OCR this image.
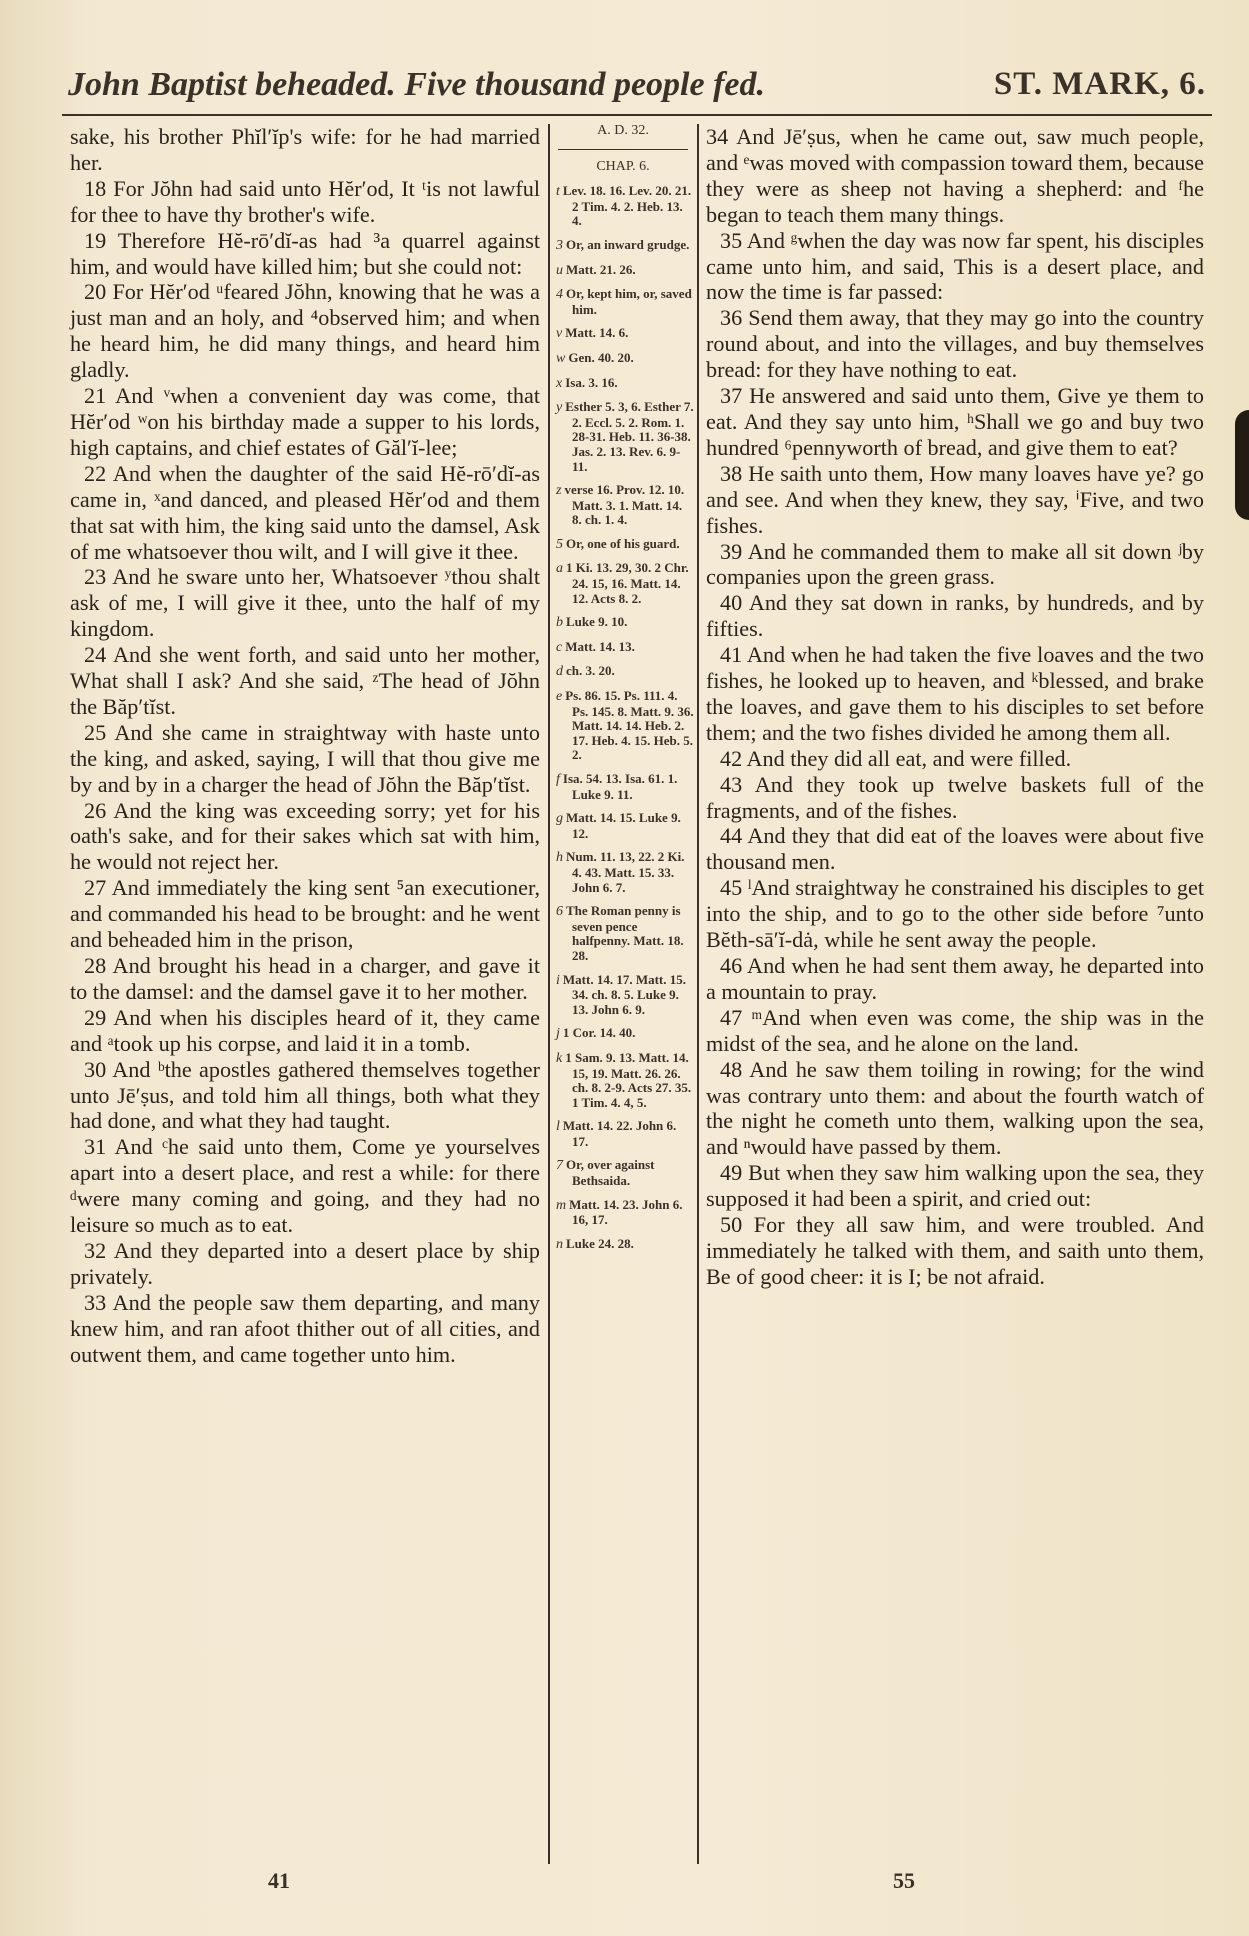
John Baptist beheaded. Five thousand people fed.	ST. MARK, 6.

sake, his brother Phĭl′ĭp's wife: for he had married her.

18 For Jŏhn had said unto Hĕr′od, It ᵗis not lawful for thee to have thy brother's wife.

19 Therefore Hĕ-rō′dĭ-as had ³a quarrel against him, and would have killed him; but she could not:

20 For Hĕr′od ᵘfeared Jŏhn, knowing that he was a just man and an holy, and ⁴observed him; and when he heard him, he did many things, and heard him gladly.

21 And ᵛwhen a convenient day was come, that Hĕr′od ʷon his birthday made a supper to his lords, high captains, and chief estates of Găl′ĭ-lee;

22 And when the daughter of the said Hĕ-rō′dĭ-as came in, ˣand danced, and pleased Hĕr′od and them that sat with him, the king said unto the damsel, Ask of me whatsoever thou wilt, and I will give it thee.

23 And he sware unto her, Whatsoever ʸthou shalt ask of me, I will give it thee, unto the half of my kingdom.

24 And she went forth, and said unto her mother, What shall I ask? And she said, ᶻThe head of Jŏhn the Băp′tĭst.

25 And she came in straightway with haste unto the king, and asked, saying, I will that thou give me by and by in a charger the head of Jŏhn the Băp′tĭst.

26 And the king was exceeding sorry; yet for his oath's sake, and for their sakes which sat with him, he would not reject her.

27 And immediately the king sent ⁵an executioner, and commanded his head to be brought: and he went and beheaded him in the prison,

28 And brought his head in a charger, and gave it to the damsel: and the damsel gave it to her mother.

29 And when his disciples heard of it, they came and ᵃtook up his corpse, and laid it in a tomb.

30 And ᵇthe apostles gathered themselves together unto Jē′ṣus, and told him all things, both what they had done, and what they had taught.

31 And ᶜhe said unto them, Come ye yourselves apart into a desert place, and rest a while: for there ᵈwere many coming and going, and they had no leisure so much as to eat.

32 And they departed into a desert place by ship privately.

33 And the people saw them departing, and many knew him, and ran afoot thither out of all cities, and outwent them, and came together unto him.

A. D. 32.
CHAP. 6.
t Lev. 18. 16. Lev. 20. 21. 2 Tim. 4. 2. Heb. 13. 4.
3 Or, an inward grudge.
u Matt. 21. 26.
4 Or, kept him, or, saved him.
v Matt. 14. 6.
w Gen. 40. 20.
x Isa. 3. 16.
y Esther 5. 3, 6. Esther 7. 2. Eccl. 5. 2. Rom. 1. 28-31. Heb. 11. 36-38. Jas. 2. 13. Rev. 6. 9-11.
z verse 16. Prov. 12. 10. Matt. 3. 1. Matt. 14. 8. ch. 1. 4.
5 Or, one of his guard.
a 1 Ki. 13. 29, 30. 2 Chr. 24. 15, 16. Matt. 14. 12. Acts 8. 2.
b Luke 9. 10.
c Matt. 14. 13.
d ch. 3. 20.
e Ps. 86. 15. Ps. 111. 4. Ps. 145. 8. Matt. 9. 36. Matt. 14. 14. Heb. 2. 17. Heb. 4. 15. Heb. 5. 2.
f Isa. 54. 13. Isa. 61. 1. Luke 9. 11.
g Matt. 14. 15. Luke 9. 12.
h Num. 11. 13, 22. 2 Ki. 4. 43. Matt. 15. 33. John 6. 7.
6 The Roman penny is seven pence halfpenny. Matt. 18. 28.
i Matt. 14. 17. Matt. 15. 34. ch. 8. 5. Luke 9. 13. John 6. 9.
j 1 Cor. 14. 40.
k 1 Sam. 9. 13. Matt. 14. 15, 19. Matt. 26. 26. ch. 8. 2-9. Acts 27. 35. 1 Tim. 4. 4, 5.
l Matt. 14. 22. John 6. 17.
7 Or, over against Bethsaida.
m Matt. 14. 23. John 6. 16, 17.
n Luke 24. 28.

34 And Jē′ṣus, when he came out, saw much people, and ᵉwas moved with compassion toward them, because they were as sheep not having a shepherd: and ᶠhe began to teach them many things.

35 And ᵍwhen the day was now far spent, his disciples came unto him, and said, This is a desert place, and now the time is far passed:

36 Send them away, that they may go into the country round about, and into the villages, and buy themselves bread: for they have nothing to eat.

37 He answered and said unto them, Give ye them to eat. And they say unto him, ʰShall we go and buy two hundred ⁶pennyworth of bread, and give them to eat?

38 He saith unto them, How many loaves have ye? go and see. And when they knew, they say, ⁱFive, and two fishes.

39 And he commanded them to make all sit down ʲby companies upon the green grass.

40 And they sat down in ranks, by hundreds, and by fifties.

41 And when he had taken the five loaves and the two fishes, he looked up to heaven, and ᵏblessed, and brake the loaves, and gave them to his disciples to set before them; and the two fishes divided he among them all.

42 And they did all eat, and were filled.

43 And they took up twelve baskets full of the fragments, and of the fishes.

44 And they that did eat of the loaves were about five thousand men.

45 ˡAnd straightway he constrained his disciples to get into the ship, and to go to the other side before ⁷unto Bĕth-sā′ĭ-dȧ, while he sent away the people.

46 And when he had sent them away, he departed into a mountain to pray.

47 ᵐAnd when even was come, the ship was in the midst of the sea, and he alone on the land.

48 And he saw them toiling in rowing; for the wind was contrary unto them: and about the fourth watch of the night he cometh unto them, walking upon the sea, and ⁿwould have passed by them.

49 But when they saw him walking upon the sea, they supposed it had been a spirit, and cried out:

50 For they all saw him, and were troubled. And immediately he talked with them, and saith unto them, Be of good cheer: it is I; be not afraid.

41	55
